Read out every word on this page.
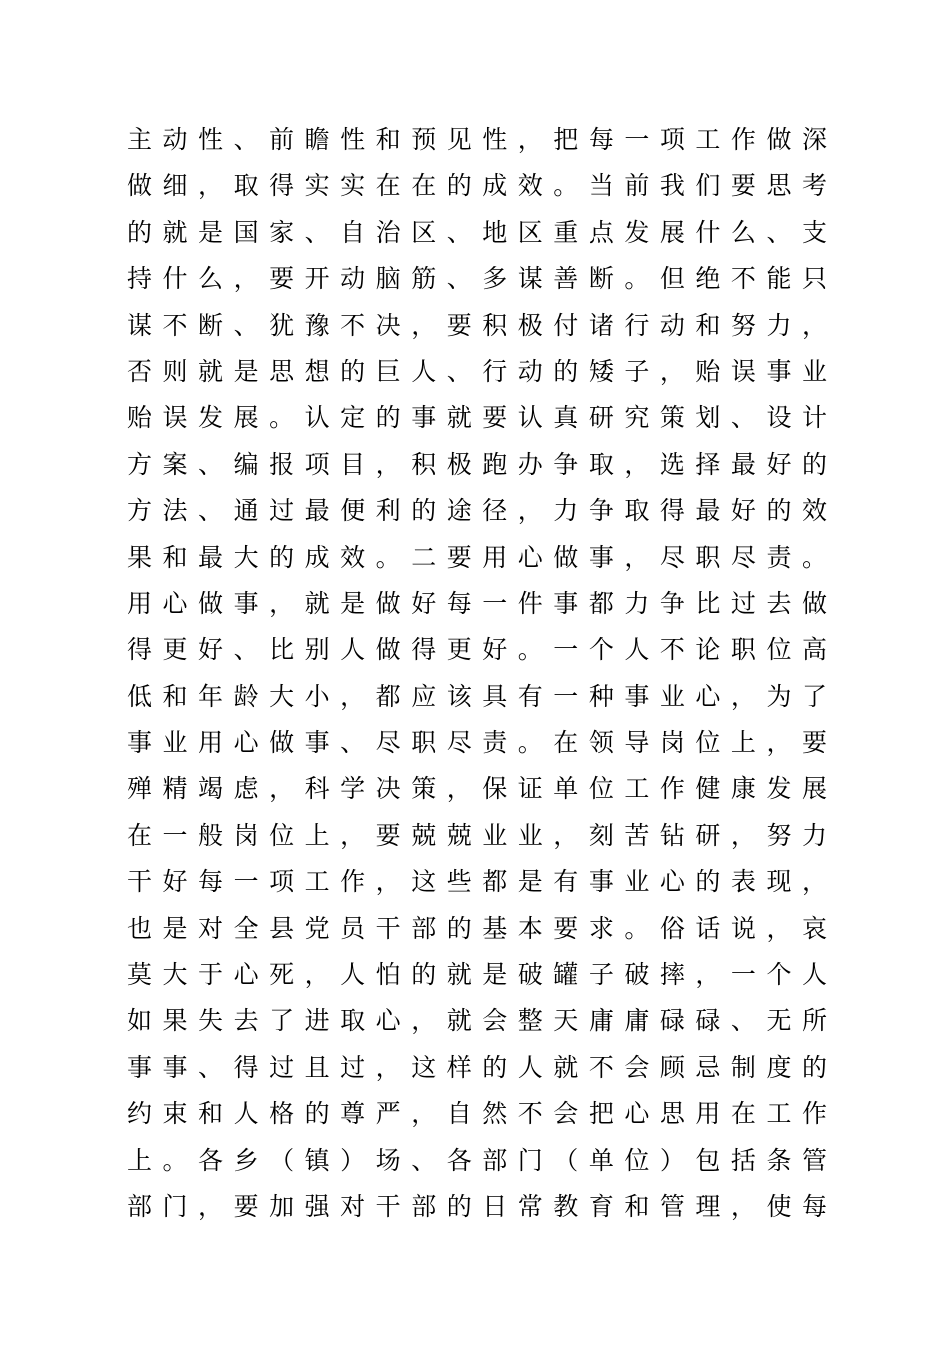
主动性、前瞻性和预见性，把每一项工作做深
做细，取得实实在在的成效。当前我们要思考
的就是国家、自治区、地区重点发展什么、支
持什么，要开动脑筋、多谋善断。但绝不能只
谋不断、犹豫不决，要积极付诸行动和努力，
否则就是思想的巨人、行动的矮子，贻误事业
贻误发展。认定的事就要认真研究策划、设计
方案、编报项目，积极跑办争取，选择最好的
方法、通过最便利的途径，力争取得最好的效
果和最大的成效。二要用心做事，尽职尽责。
用心做事，就是做好每一件事都力争比过去做
得更好、比别人做得更好。一个人不论职位高
低和年龄大小，都应该具有一种事业心，为了
事业用心做事、尽职尽责。在领导岗位上，要
殚精竭虑，科学决策，保证单位工作健康发展
在一般岗位上，要兢兢业业，刻苦钻研，努力
干好每一项工作，这些都是有事业心的表现，
也是对全县党员干部的基本要求。俗话说，哀
莫大于心死，人怕的就是破罐子破摔，一个人
如果失去了进取心，就会整天庸庸碌碌、无所
事事、得过且过，这样的人就不会顾忌制度的
约束和人格的尊严，自然不会把心思用在工作
上。各乡（镇）场、各部门（单位）包括条管
部门，要加强对干部的日常教育和管理，使每
